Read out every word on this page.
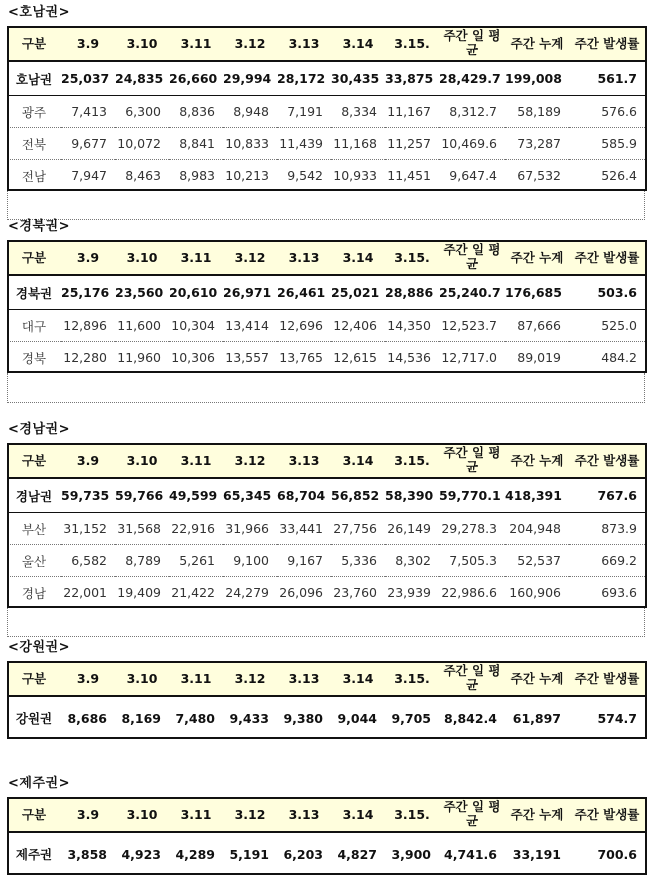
<호남권>
구분	3.9	3.10	3.11	3.12	3.13	3.14	3.15.	주간 일 평균	주간 누계	주간 발생률
호남권	25,037	24,835	26,660	29,994	28,172	30,435	33,875	28,429.7	199,008	561.7
광주	7,413	6,300	8,836	8,948	7,191	8,334	11,167	8,312.7	58,189	576.6
전북	9,677	10,072	8,841	10,833	11,439	11,168	11,257	10,469.6	73,287	585.9
전남	7,947	8,463	8,983	10,213	9,542	10,933	11,451	9,647.4	67,532	526.4
<경북권>
구분	3.9	3.10	3.11	3.12	3.13	3.14	3.15.	주간 일 평균	주간 누계	주간 발생률
경북권	25,176	23,560	20,610	26,971	26,461	25,021	28,886	25,240.7	176,685	503.6
대구	12,896	11,600	10,304	13,414	12,696	12,406	14,350	12,523.7	87,666	525.0
경북	12,280	11,960	10,306	13,557	13,765	12,615	14,536	12,717.0	89,019	484.2
<경남권>
구분	3.9	3.10	3.11	3.12	3.13	3.14	3.15.	주간 일 평균	주간 누계	주간 발생률
경남권	59,735	59,766	49,599	65,345	68,704	56,852	58,390	59,770.1	418,391	767.6
부산	31,152	31,568	22,916	31,966	33,441	27,756	26,149	29,278.3	204,948	873.9
울산	6,582	8,789	5,261	9,100	9,167	5,336	8,302	7,505.3	52,537	669.2
경남	22,001	19,409	21,422	24,279	26,096	23,760	23,939	22,986.6	160,906	693.6
<강원권>
구분	3.9	3.10	3.11	3.12	3.13	3.14	3.15.	주간 일 평균	주간 누계	주간 발생률
강원권	8,686	8,169	7,480	9,433	9,380	9,044	9,705	8,842.4	61,897	574.7
<제주권>
구분	3.9	3.10	3.11	3.12	3.13	3.14	3.15.	주간 일 평균	주간 누계	주간 발생률
제주권	3,858	4,923	4,289	5,191	6,203	4,827	3,900	4,741.6	33,191	700.6
